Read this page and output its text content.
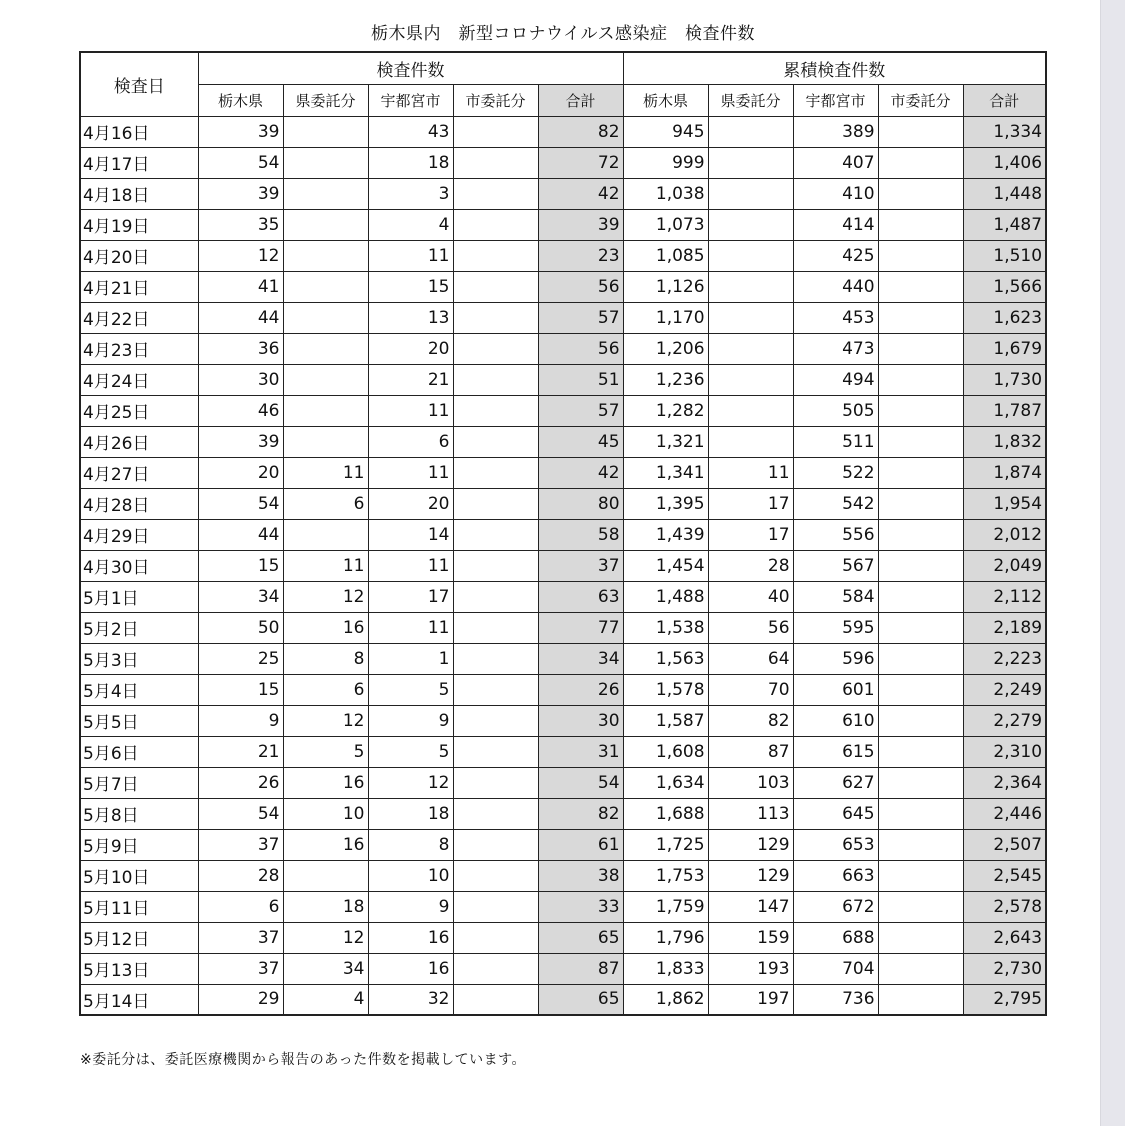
栃木県内　新型コロナウイルス感染症　検査件数
検査日	検査件数					累積検査件数				
	栃木県	県委託分	宇都宮市	市委託分	合計	栃木県	県委託分	宇都宮市	市委託分	合計
4月16日	39		43		82	945		389		1,334
4月17日	54		18		72	999		407		1,406
4月18日	39		3		42	1,038		410		1,448
4月19日	35		4		39	1,073		414		1,487
4月20日	12		11		23	1,085		425		1,510
4月21日	41		15		56	1,126		440		1,566
4月22日	44		13		57	1,170		453		1,623
4月23日	36		20		56	1,206		473		1,679
4月24日	30		21		51	1,236		494		1,730
4月25日	46		11		57	1,282		505		1,787
4月26日	39		6		45	1,321		511		1,832
4月27日	20	11	11		42	1,341	11	522		1,874
4月28日	54	6	20		80	1,395	17	542		1,954
4月29日	44		14		58	1,439	17	556		2,012
4月30日	15	11	11		37	1,454	28	567		2,049
5月1日	34	12	17		63	1,488	40	584		2,112
5月2日	50	16	11		77	1,538	56	595		2,189
5月3日	25	8	1		34	1,563	64	596		2,223
5月4日	15	6	5		26	1,578	70	601		2,249
5月5日	9	12	9		30	1,587	82	610		2,279
5月6日	21	5	5		31	1,608	87	615		2,310
5月7日	26	16	12		54	1,634	103	627		2,364
5月8日	54	10	18		82	1,688	113	645		2,446
5月9日	37	16	8		61	1,725	129	653		2,507
5月10日	28		10		38	1,753	129	663		2,545
5月11日	6	18	9		33	1,759	147	672		2,578
5月12日	37	12	16		65	1,796	159	688		2,643
5月13日	37	34	16		87	1,833	193	704		2,730
5月14日	29	4	32		65	1,862	197	736		2,795
※委託分は、委託医療機関から報告のあった件数を掲載しています。
